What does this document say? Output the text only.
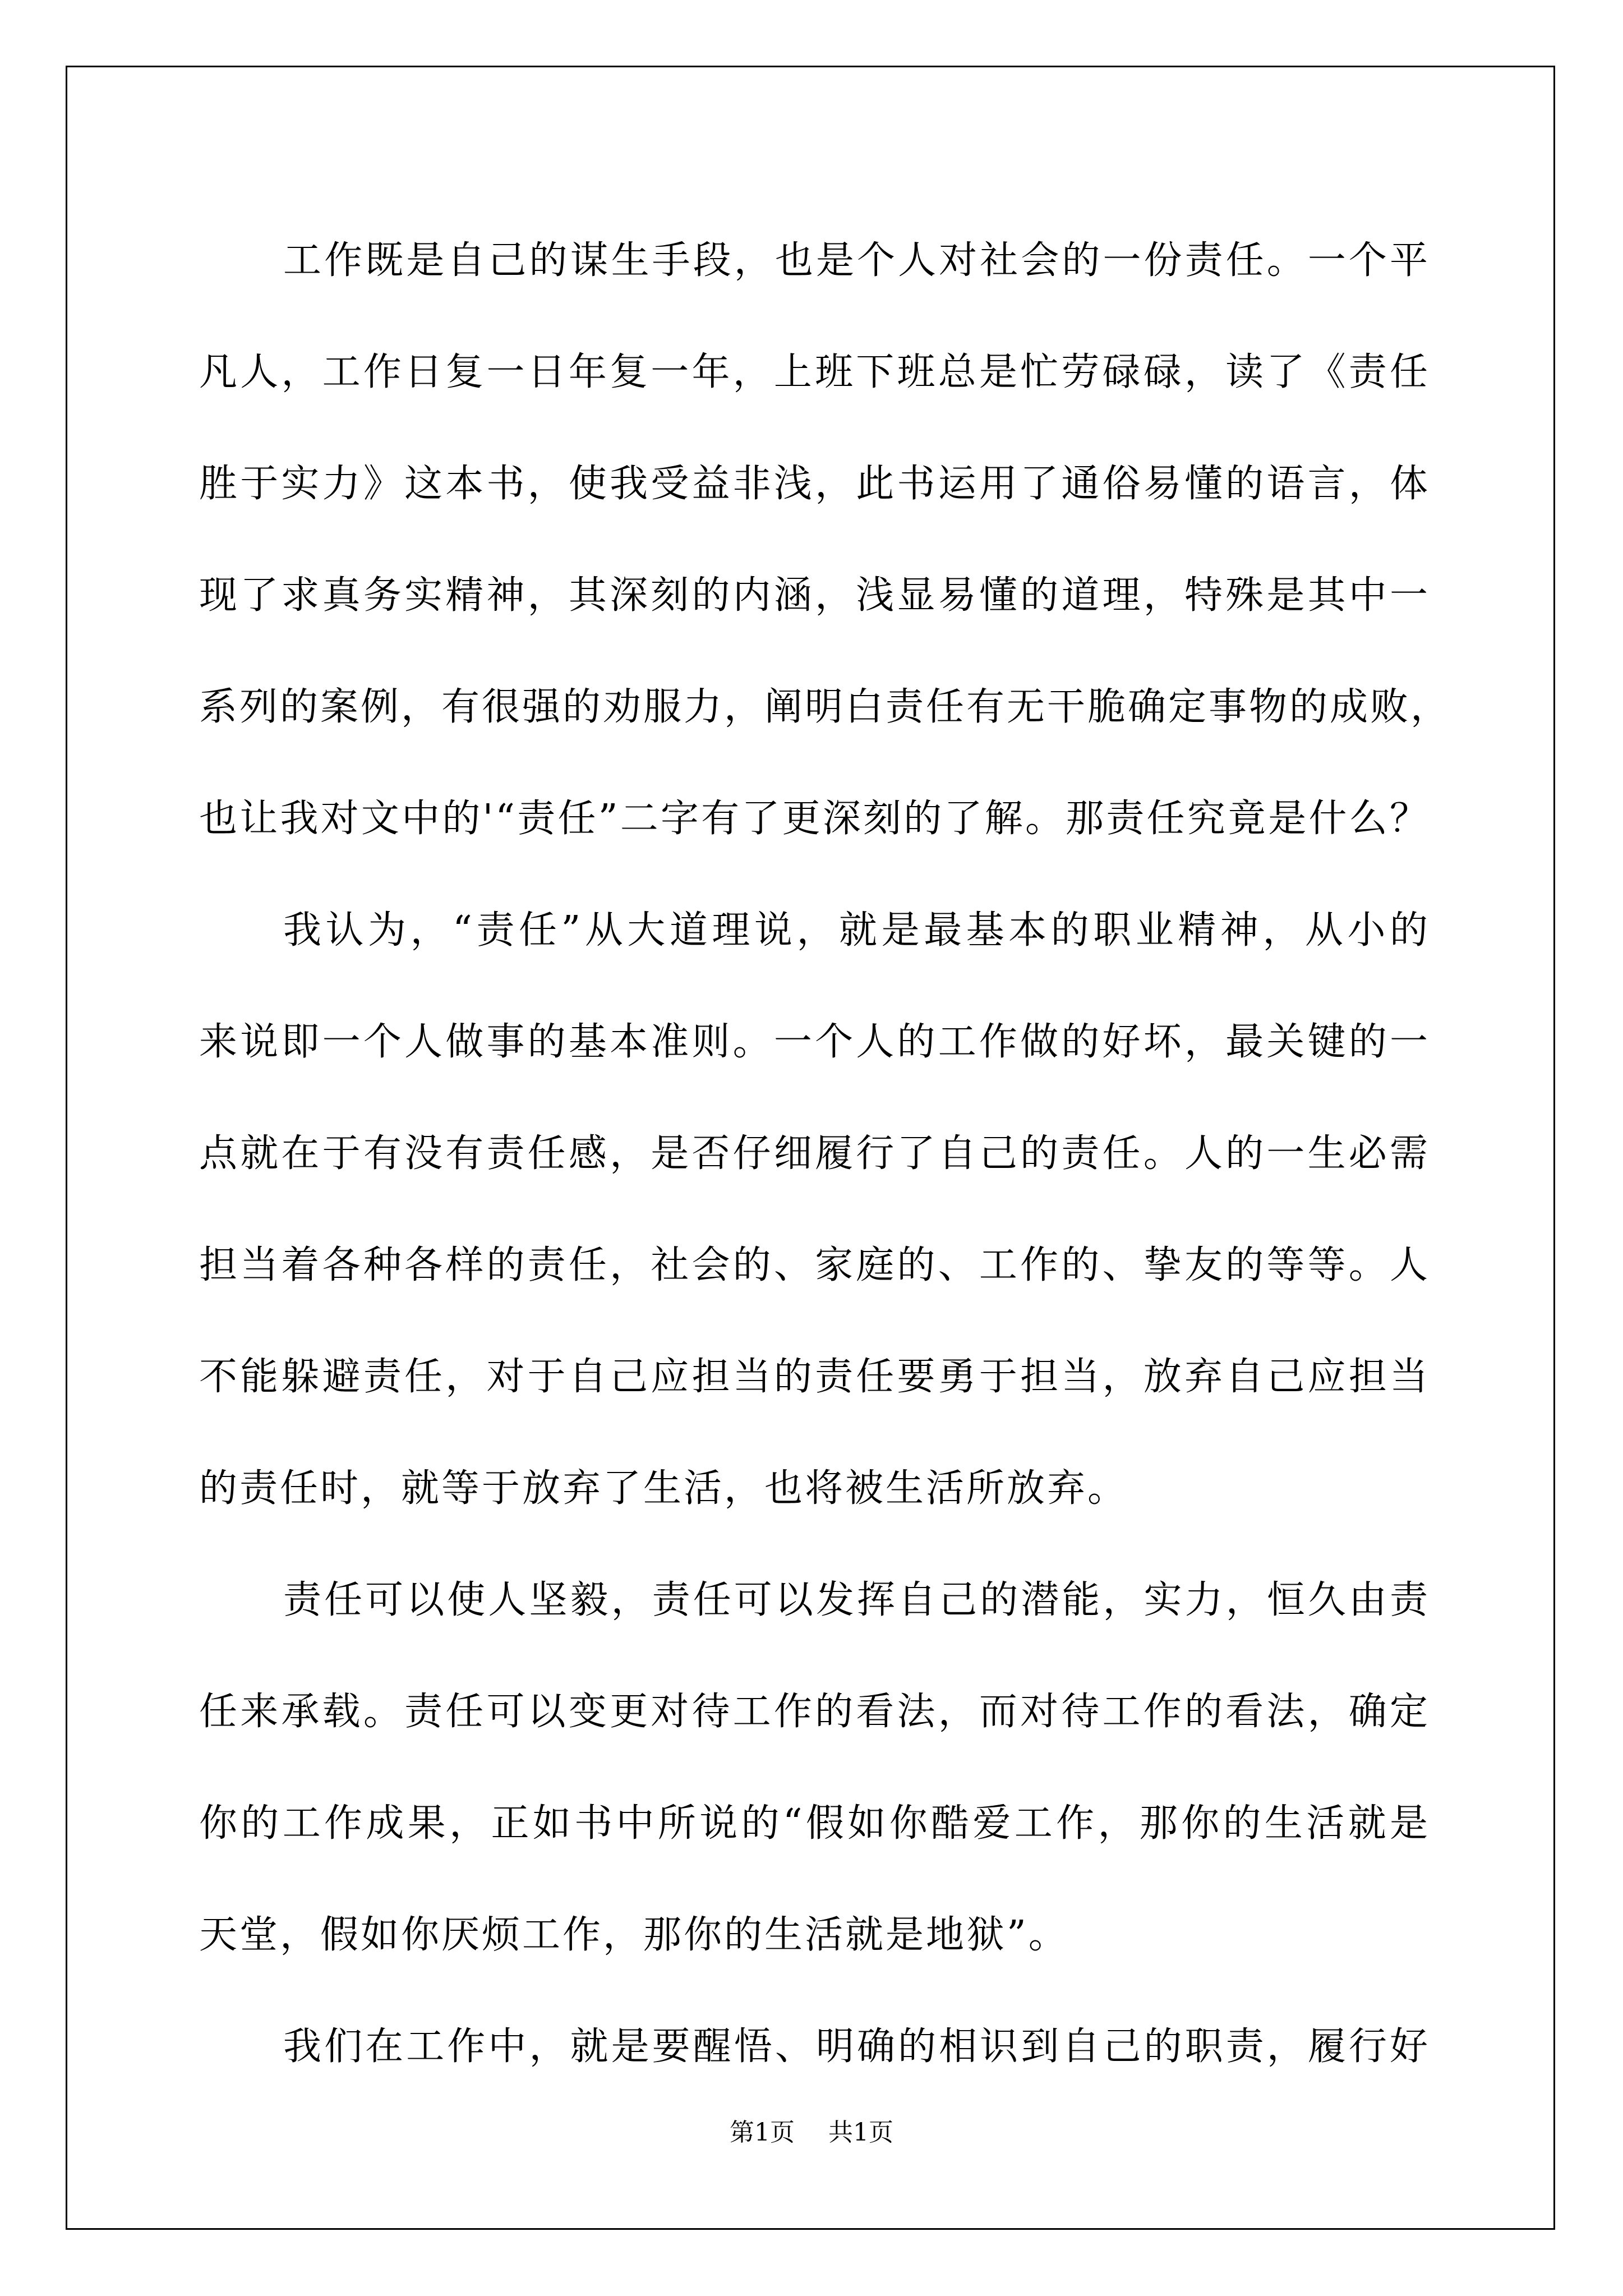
工作既是自己的谋生手段，也是个人对社会的一份责任。一个平
凡人，工作日复一日年复一年，上班下班总是忙劳碌碌，读了《责任
胜于实力》这本书，使我受益非浅，此书运用了通俗易懂的语言，体
现了求真务实精神，其深刻的内涵，浅显易懂的道理，特殊是其中一
系列的案例，有很强的劝服力，阐明白责任有无干脆确定事物的成败，
也让我对文中的'“责任”二字有了更深刻的了解。那责任究竟是什么？
我认为，“责任”从大道理说，就是最基本的职业精神，从小的
来说即一个人做事的基本准则。一个人的工作做的好坏，最关键的一
点就在于有没有责任感，是否仔细履行了自己的责任。人的一生必需
担当着各种各样的责任，社会的、家庭的、工作的、挚友的等等。人
不能躲避责任，对于自己应担当的责任要勇于担当，放弃自己应担当
的责任时，就等于放弃了生活，也将被生活所放弃。
责任可以使人坚毅，责任可以发挥自己的潜能，实力，恒久由责
任来承载。责任可以变更对待工作的看法，而对待工作的看法，确定
你的工作成果，正如书中所说的“假如你酷爱工作，那你的生活就是
天堂，假如你厌烦工作，那你的生活就是地狱”。
我们在工作中，就是要醒悟、明确的相识到自己的职责，履行好
第1页 共1页
